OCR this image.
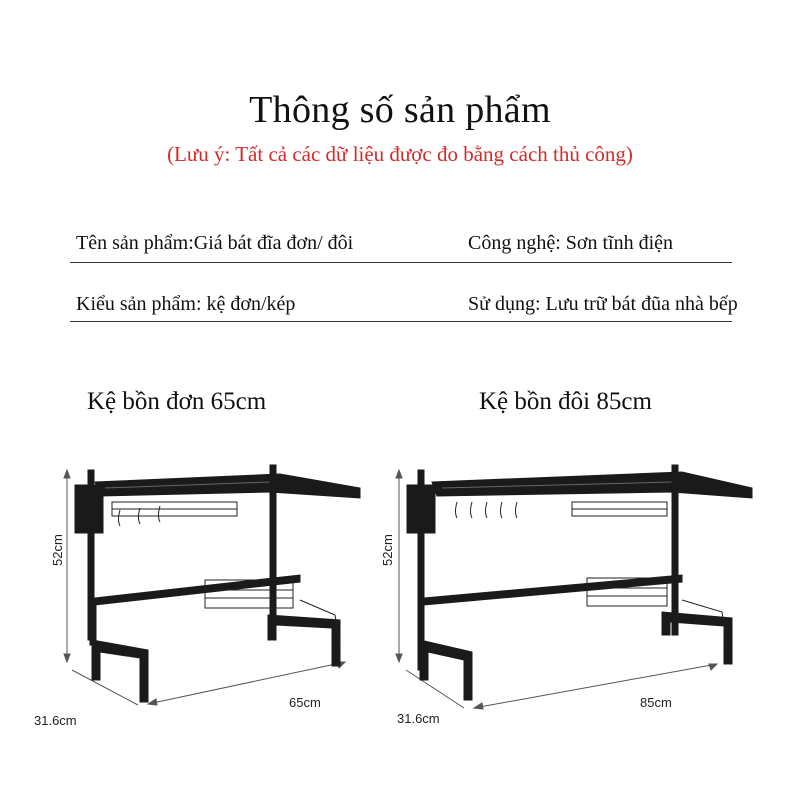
Thông số sản phẩm
(Lưu ý: Tất cả các dữ liệu được đo bằng cách thủ công)
Tên sản phẩm:Giá bát đĩa đơn/ đôi	Công nghệ: Sơn tĩnh điện
Kiểu sản phẩm: kệ đơn/kép	Sử dụng: Lưu trữ bát đũa nhà bếp
Kệ bồn đơn 65cm	Kệ bồn đôi 85cm
52cm
65cm
31.6cm
52cm
85cm
31.6cm
